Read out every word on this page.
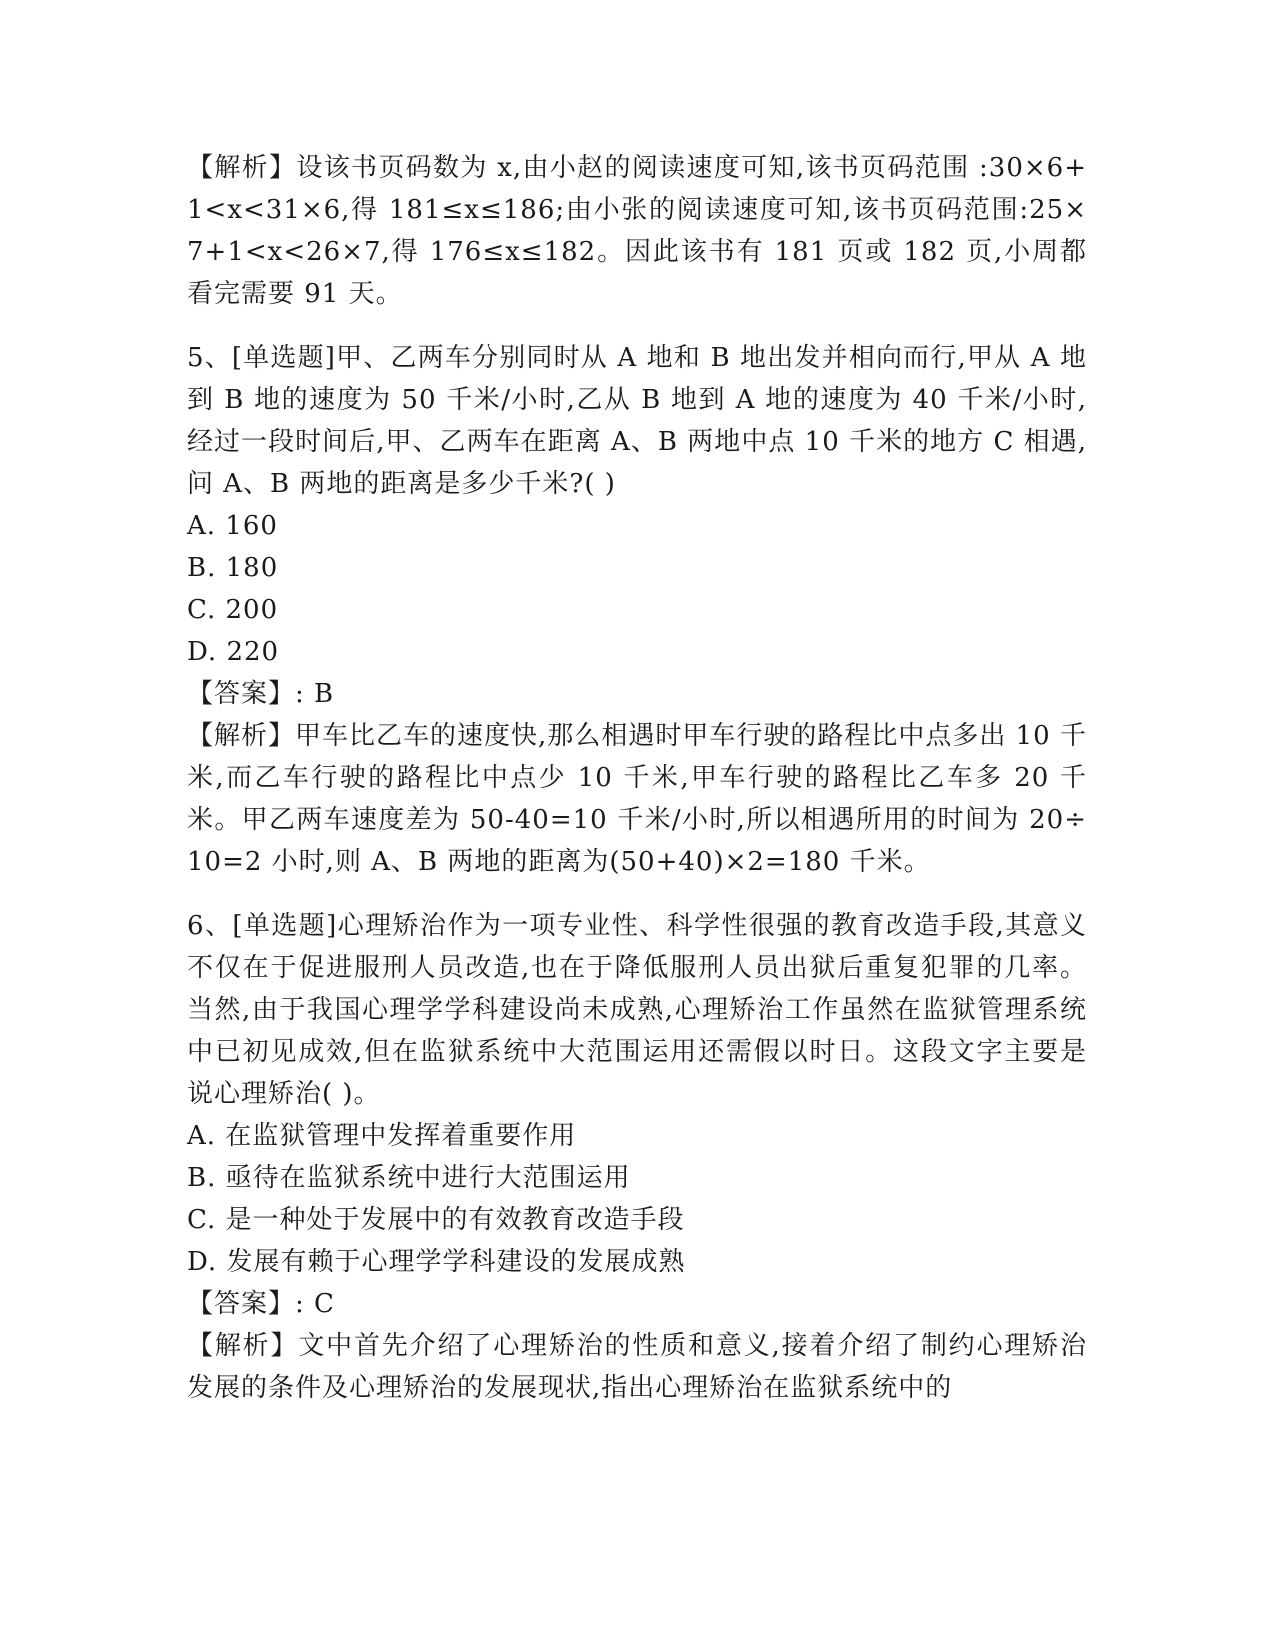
【解析】设该书页码数为 x,由小赵的阅读速度可知,该书页码范围 :30×6+1<x<31×6,得 181≤x≤186;由小张的阅读速度可知,该书页码范围:25×7+1<x<26×7,得 176≤x≤182。因此该书有 181 页或 182 页,小周都看完需要 91 天。

5、[单选题]甲、乙两车分别同时从 A 地和 B 地出发并相向而行,甲从 A 地到 B 地的速度为 50 千米/小时,乙从 B 地到 A 地的速度为 40 千米/小时,经过一段时间后,甲、乙两车在距离 A、B 两地中点 10 千米的地方 C 相遇,问 A、B 两地的距离是多少千米?( )

A. 160

B. 180

C. 200

D. 220

【答案】: B

【解析】甲车比乙车的速度快,那么相遇时甲车行驶的路程比中点多出 10 千米,而乙车行驶的路程比中点少 10 千米,甲车行驶的路程比乙车多 20 千米。甲乙两车速度差为 50-40=10 千米/小时,所以相遇所用的时间为 20÷10=2 小时,则 A、B 两地的距离为(50+40)×2=180 千米。

6、[单选题]心理矫治作为一项专业性、科学性很强的教育改造手段,其意义不仅在于促进服刑人员改造,也在于降低服刑人员出狱后重复犯罪的几率。当然,由于我国心理学学科建设尚未成熟,心理矫治工作虽然在监狱管理系统中已初见成效,但在监狱系统中大范围运用还需假以时日。这段文字主要是说心理矫治( )。

A. 在监狱管理中发挥着重要作用

B. 亟待在监狱系统中进行大范围运用

C. 是一种处于发展中的有效教育改造手段

D. 发展有赖于心理学学科建设的发展成熟

【答案】: C

【解析】文中首先介绍了心理矫治的性质和意义,接着介绍了制约心理矫治发展的条件及心理矫治的发展现状,指出心理矫治在监狱系统中的
